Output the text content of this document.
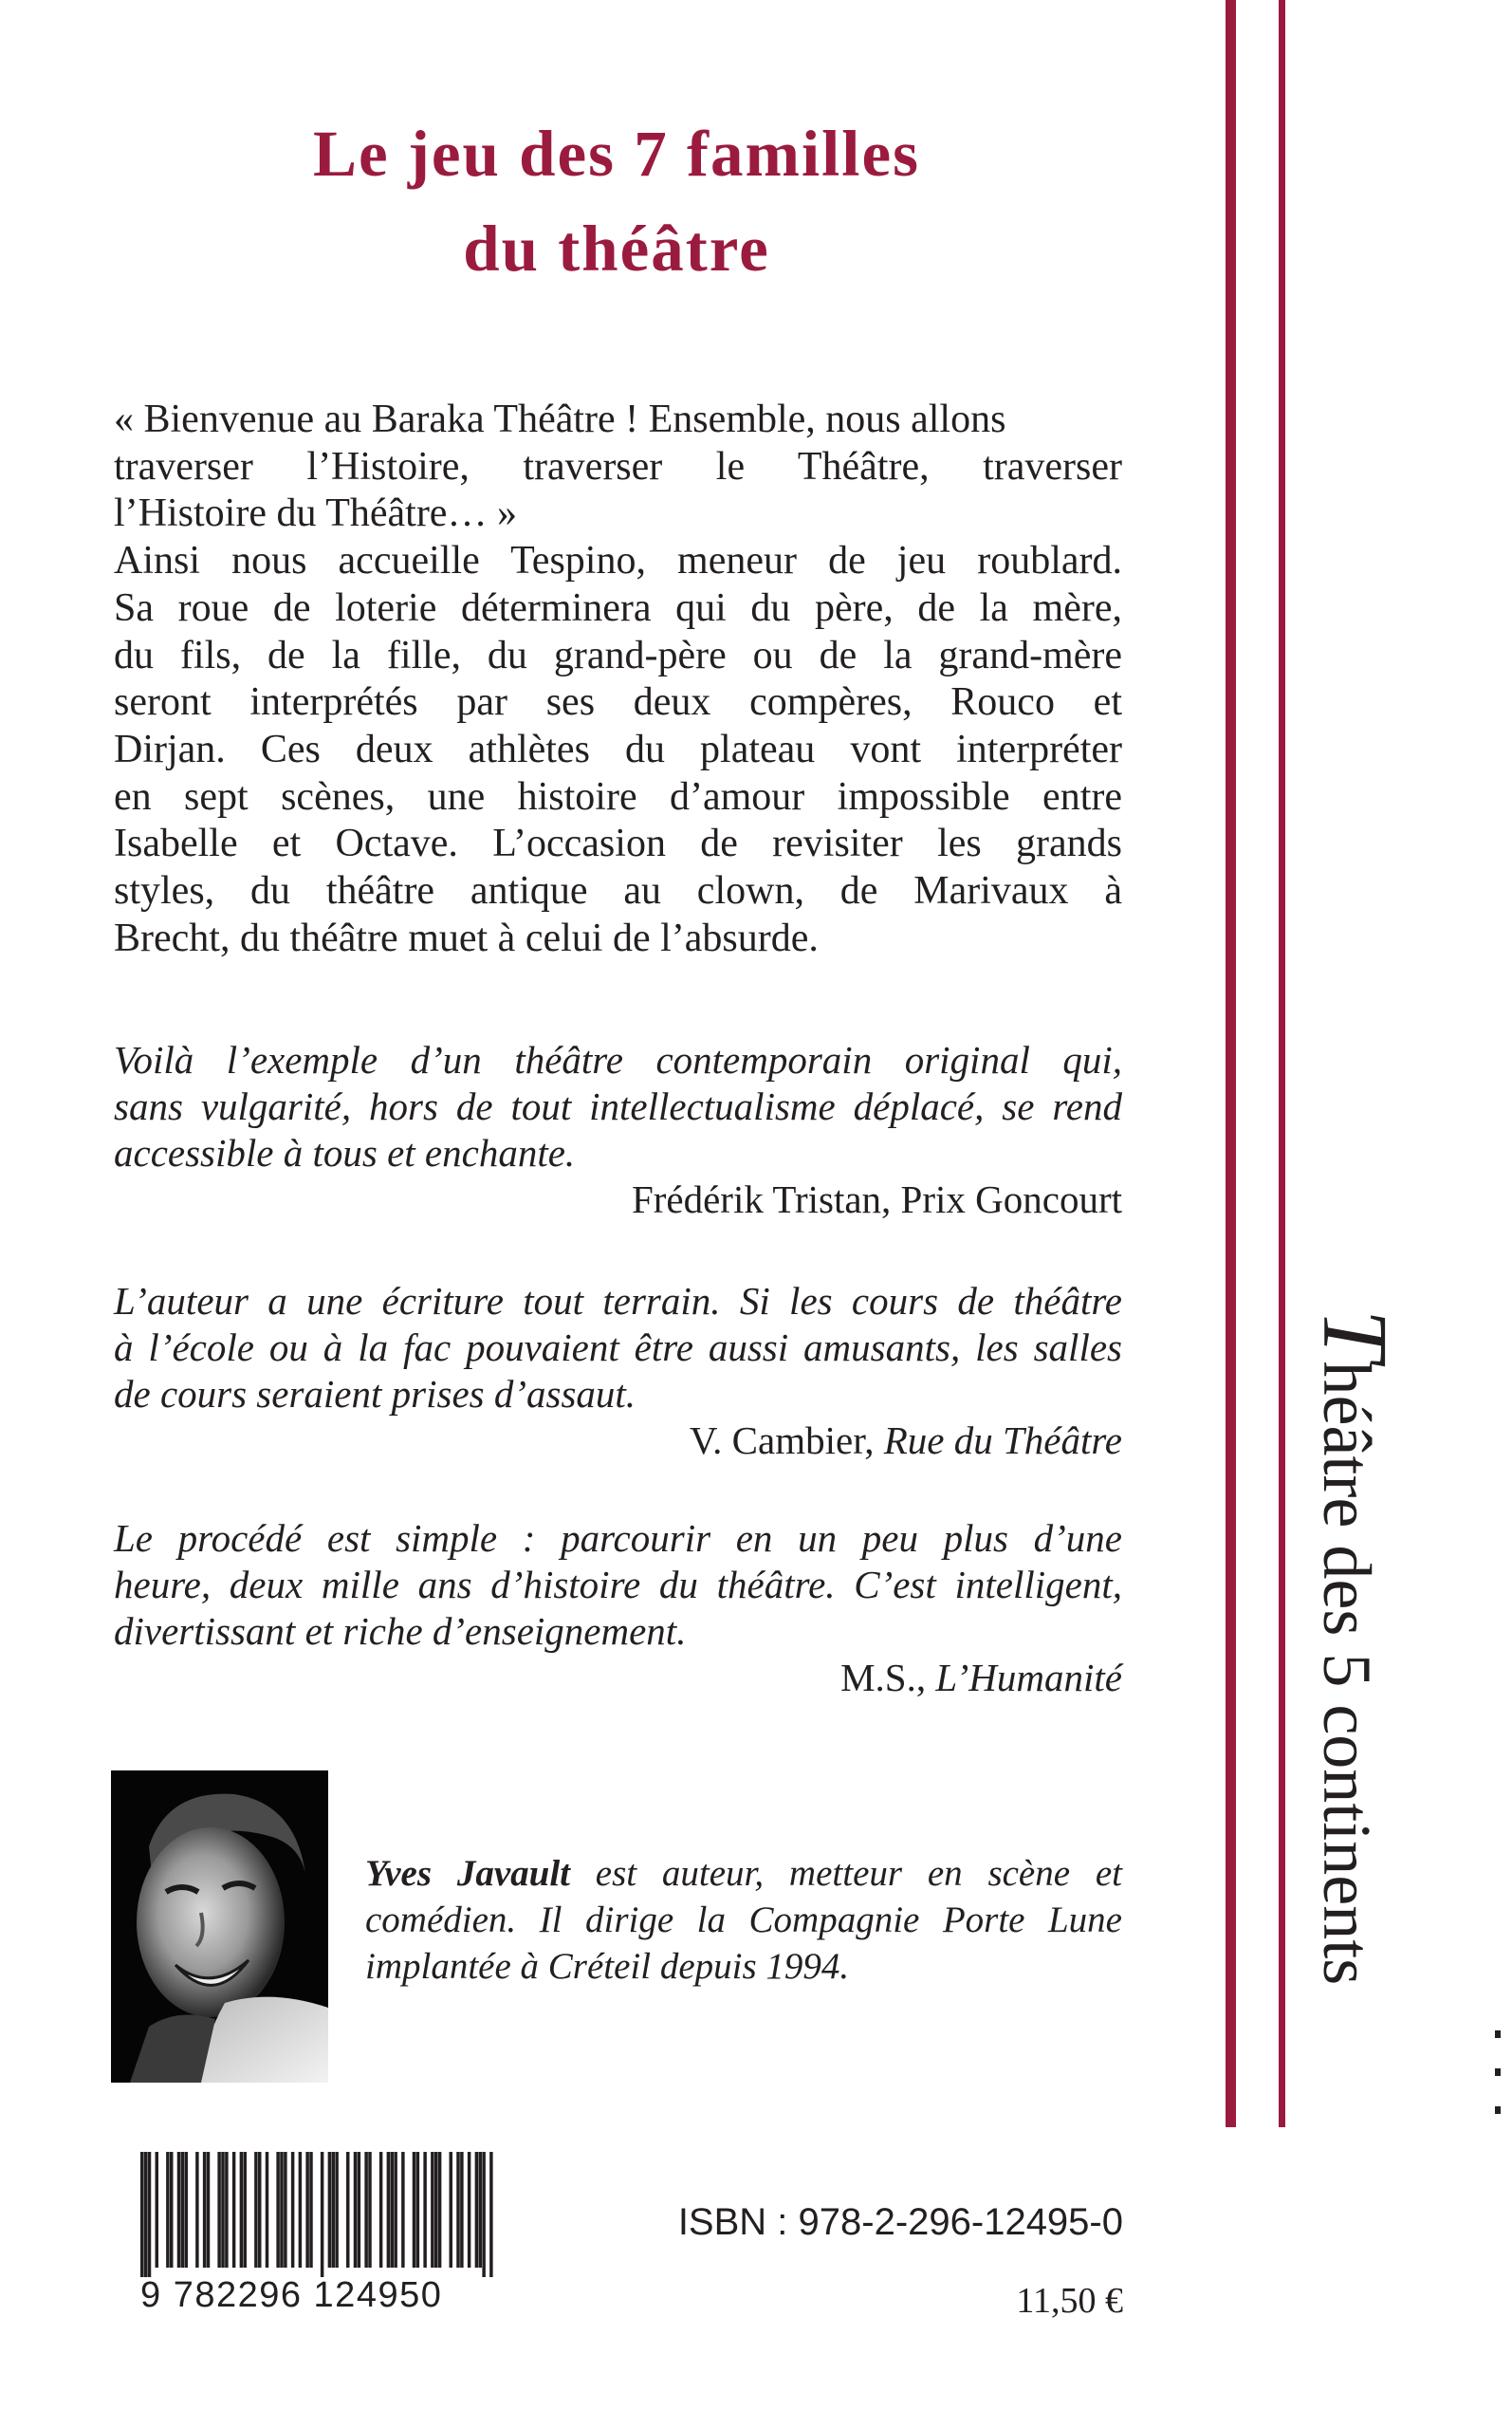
Le jeu des 7 familles
du théâtre
« Bienvenue au Baraka Théâtre ! Ensemble, nous allons
traverser l’Histoire, traverser le Théâtre, traverser
l’Histoire du Théâtre… »
Ainsi nous accueille Tespino, meneur de jeu roublard.
Sa roue de loterie déterminera qui du père, de la mère,
du fils, de la fille, du grand-père ou de la grand-mère
seront interprétés par ses deux compères, Rouco et
Dirjan. Ces deux athlètes du plateau vont interpréter
en sept scènes, une histoire d’amour impossible entre
Isabelle et Octave. L’occasion de revisiter les grands
styles, du théâtre antique au clown, de Marivaux à
Brecht, du théâtre muet à celui de l’absurde.
Voilà l’exemple d’un théâtre contemporain original qui,
sans vulgarité, hors de tout intellectualisme déplacé, se rend
accessible à tous et enchante.
Frédérik Tristan, Prix Goncourt
L’auteur a une écriture tout terrain. Si les cours de théâtre
à l’école ou à la fac pouvaient être aussi amusants, les salles
de cours seraient prises d’assaut.
V. Cambier, Rue du Théâtre
Le procédé est simple : parcourir en un peu plus d’une
heure, deux mille ans d’histoire du théâtre. C’est intelligent,
divertissant et riche d’enseignement.
M.S., L’Humanité
Yves Javault est auteur, metteur en scène et
comédien. Il dirige la Compagnie Porte Lune
implantée à Créteil depuis 1994.
9 782296 124950
ISBN : 978-2-296-12495-0
11,50 €
Théâtre des 5 continents
